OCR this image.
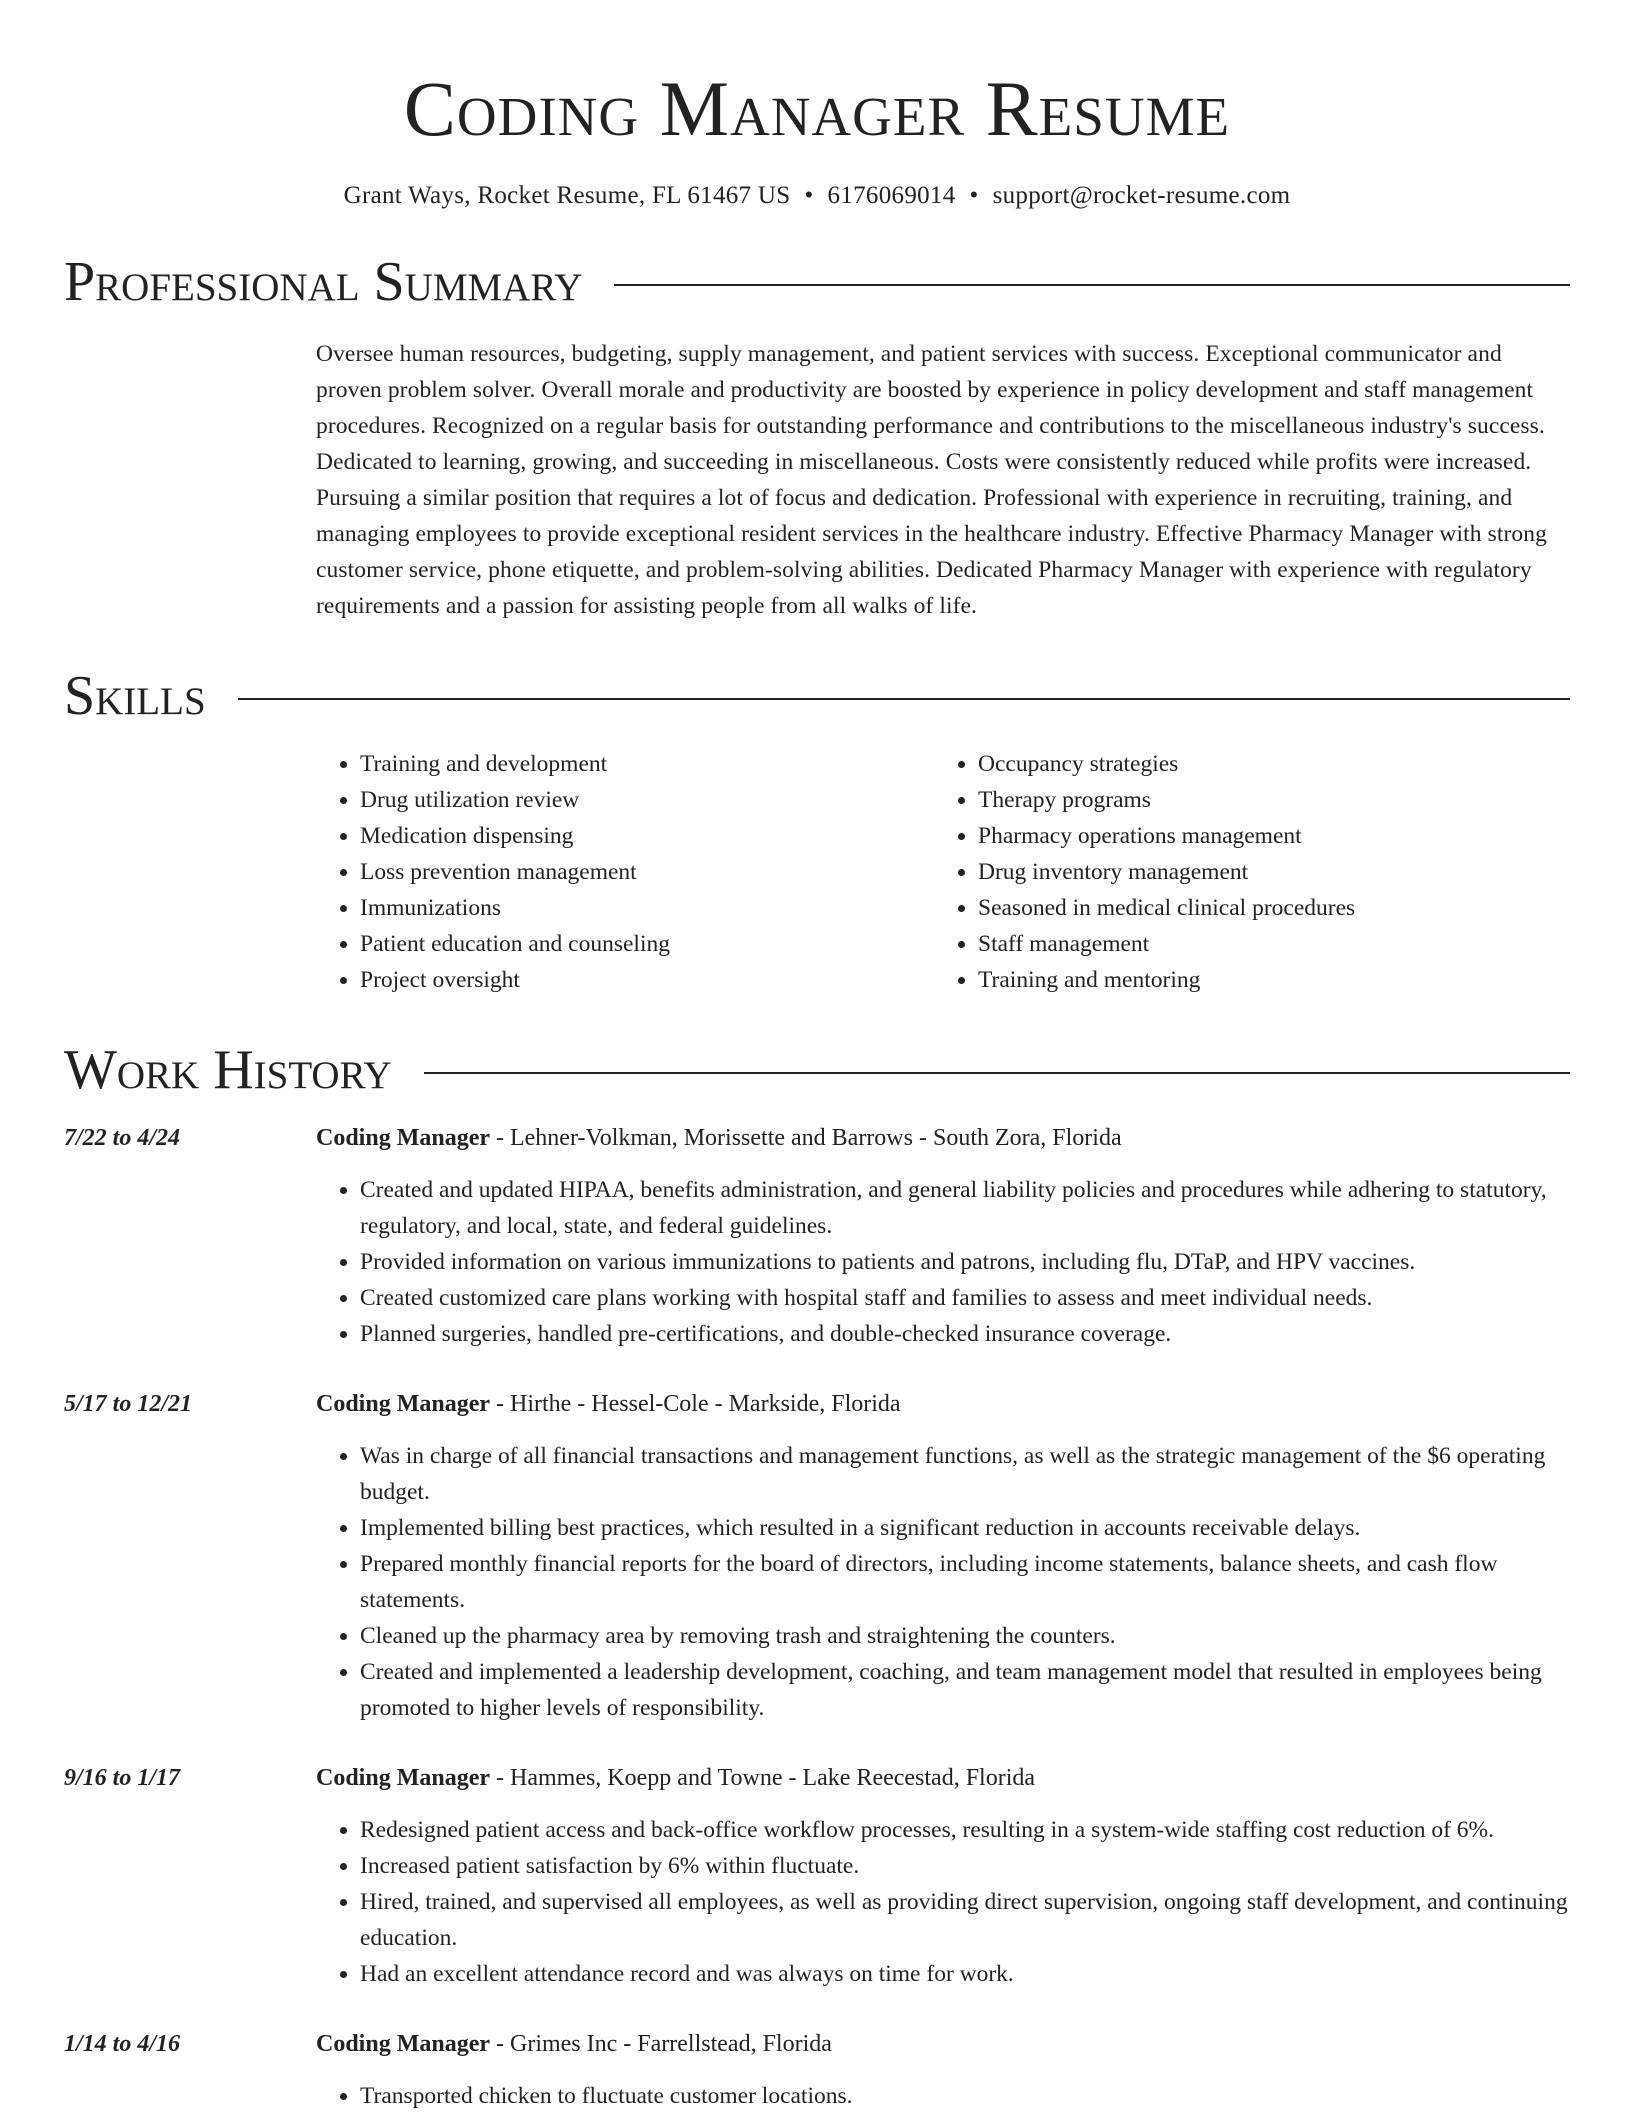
Coding Manager Resume
Grant Ways, Rocket Resume, FL 61467 US • 6176069014 • support@rocket-resume.com
Professional Summary
Oversee human resources, budgeting, supply management, and patient services with success. Exceptional communicator and proven problem solver. Overall morale and productivity are boosted by experience in policy development and staff management procedures. Recognized on a regular basis for outstanding performance and contributions to the miscellaneous industry's success. Dedicated to learning, growing, and succeeding in miscellaneous. Costs were consistently reduced while profits were increased. Pursuing a similar position that requires a lot of focus and dedication. Professional with experience in recruiting, training, and managing employees to provide exceptional resident services in the healthcare industry. Effective Pharmacy Manager with strong customer service, phone etiquette, and problem-solving abilities. Dedicated Pharmacy Manager with experience with regulatory requirements and a passion for assisting people from all walks of life.
Skills
• Training and development
• Drug utilization review
• Medication dispensing
• Loss prevention management
• Immunizations
• Patient education and counseling
• Project oversight
• Occupancy strategies
• Therapy programs
• Pharmacy operations management
• Drug inventory management
• Seasoned in medical clinical procedures
• Staff management
• Training and mentoring
Work History
7/22 to 4/24	Coding Manager - Lehner-Volkman, Morissette and Barrows - South Zora, Florida
• Created and updated HIPAA, benefits administration, and general liability policies and procedures while adhering to statutory, regulatory, and local, state, and federal guidelines.
• Provided information on various immunizations to patients and patrons, including flu, DTaP, and HPV vaccines.
• Created customized care plans working with hospital staff and families to assess and meet individual needs.
• Planned surgeries, handled pre-certifications, and double-checked insurance coverage.
5/17 to 12/21	Coding Manager - Hirthe - Hessel-Cole - Markside, Florida
• Was in charge of all financial transactions and management functions, as well as the strategic management of the $6 operating budget.
• Implemented billing best practices, which resulted in a significant reduction in accounts receivable delays.
• Prepared monthly financial reports for the board of directors, including income statements, balance sheets, and cash flow statements.
• Cleaned up the pharmacy area by removing trash and straightening the counters.
• Created and implemented a leadership development, coaching, and team management model that resulted in employees being promoted to higher levels of responsibility.
9/16 to 1/17	Coding Manager - Hammes, Koepp and Towne - Lake Reecestad, Florida
• Redesigned patient access and back-office workflow processes, resulting in a system-wide staffing cost reduction of 6%.
• Increased patient satisfaction by 6% within fluctuate.
• Hired, trained, and supervised all employees, as well as providing direct supervision, ongoing staff development, and continuing education.
• Had an excellent attendance record and was always on time for work.
1/14 to 4/16	Coding Manager - Grimes Inc - Farrellstead, Florida
• Transported chicken to fluctuate customer locations.
